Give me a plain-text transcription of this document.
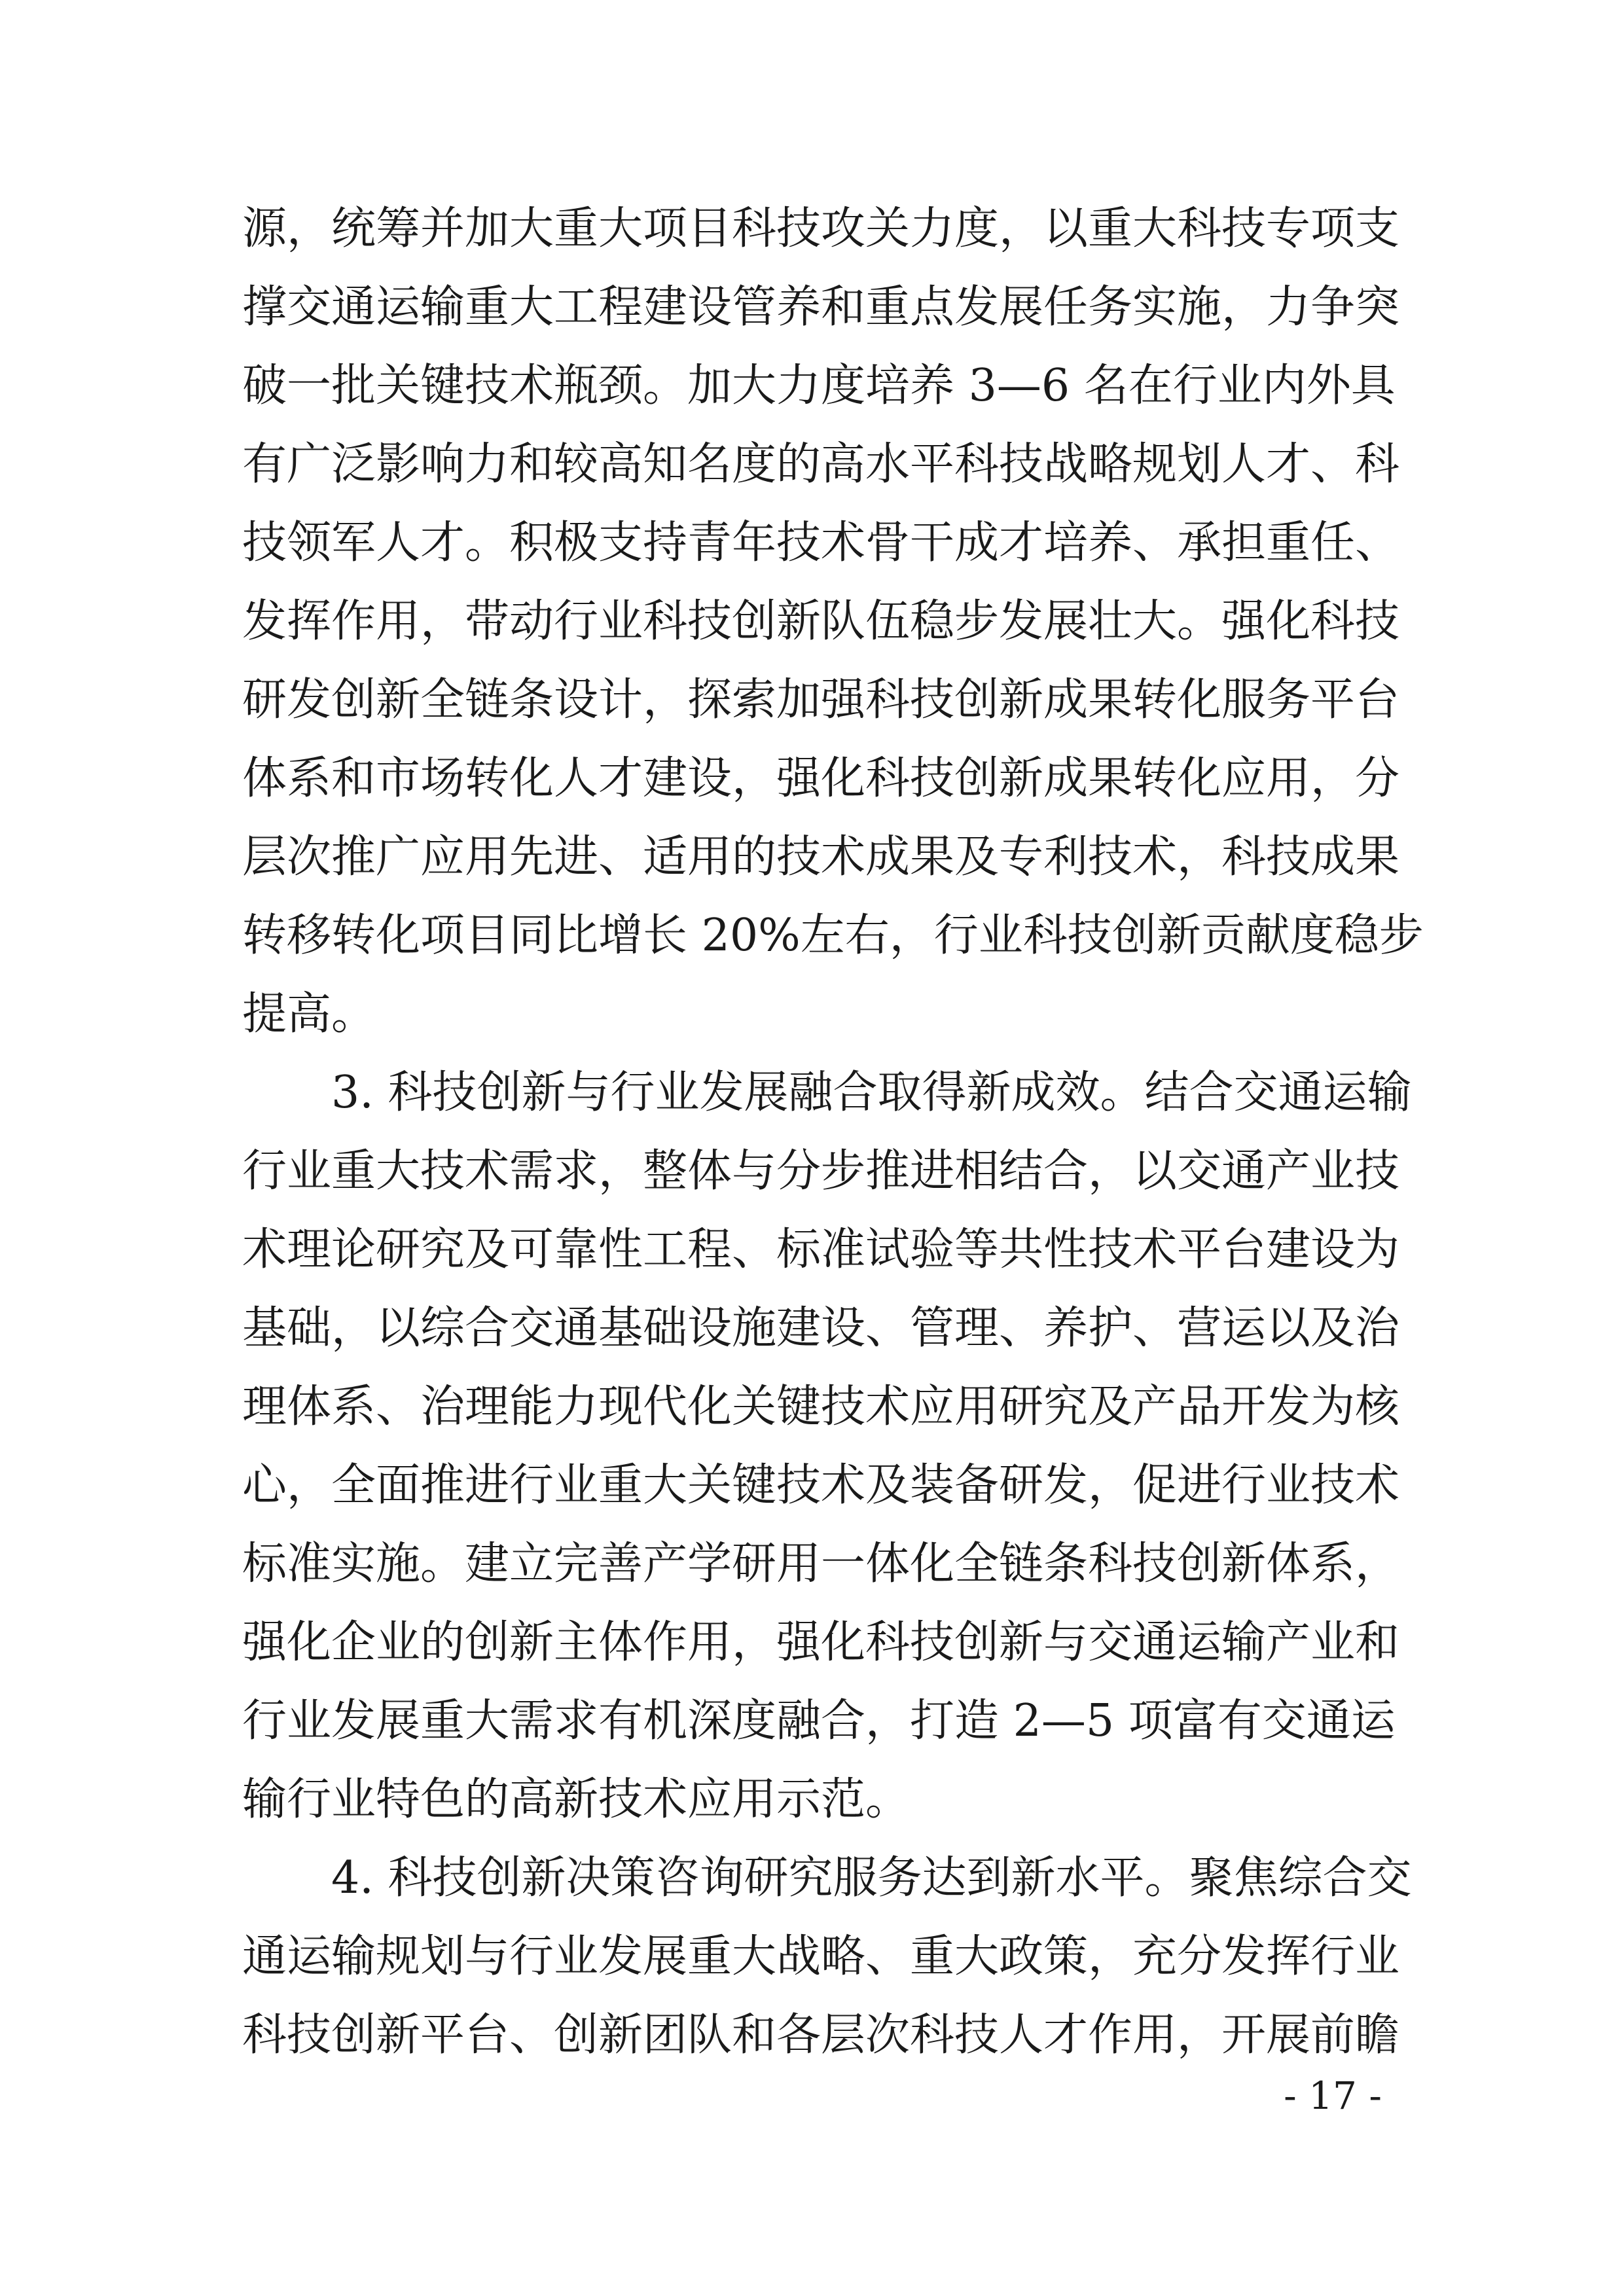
源，统筹并加大重大项目科技攻关力度，以重大科技专项支
撑交通运输重大工程建设管养和重点发展任务实施，力争突
破一批关键技术瓶颈。加大力度培养 3—6 名在行业内外具
有广泛影响力和较高知名度的高水平科技战略规划人才、科
技领军人才。积极支持青年技术骨干成才培养、承担重任、
发挥作用，带动行业科技创新队伍稳步发展壮大。强化科技
研发创新全链条设计，探索加强科技创新成果转化服务平台
体系和市场转化人才建设，强化科技创新成果转化应用，分
层次推广应用先进、适用的技术成果及专利技术，科技成果
转移转化项目同比增长 20%左右，行业科技创新贡献度稳步
提高。
3. 科技创新与行业发展融合取得新成效。结合交通运输
行业重大技术需求，整体与分步推进相结合，以交通产业技
术理论研究及可靠性工程、标准试验等共性技术平台建设为
基础，以综合交通基础设施建设、管理、养护、营运以及治
理体系、治理能力现代化关键技术应用研究及产品开发为核
心，全面推进行业重大关键技术及装备研发，促进行业技术
标准实施。建立完善产学研用一体化全链条科技创新体系，
强化企业的创新主体作用，强化科技创新与交通运输产业和
行业发展重大需求有机深度融合，打造 2—5 项富有交通运
输行业特色的高新技术应用示范。
4. 科技创新决策咨询研究服务达到新水平。聚焦综合交
通运输规划与行业发展重大战略、重大政策，充分发挥行业
科技创新平台、创新团队和各层次科技人才作用，开展前瞻
- 17 -
